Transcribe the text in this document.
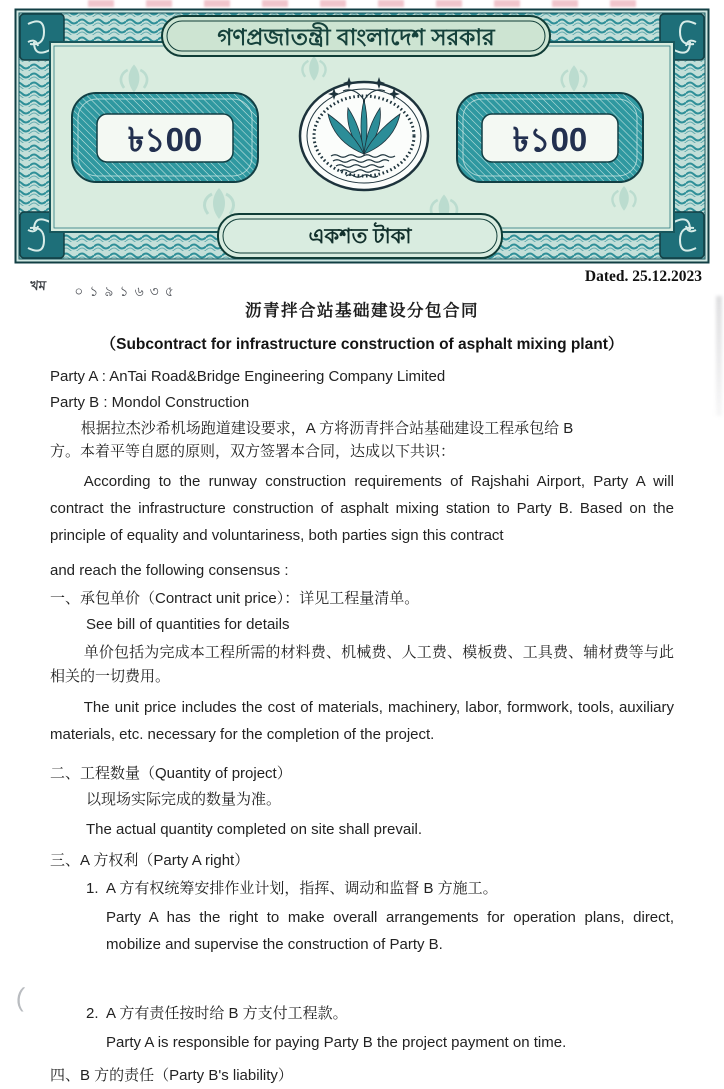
(
গণপ্রজাতন্ত্রী বাংলাদেশ সরকার
৳১00	৳১00
একশত টাকা
খম ০১৯১৬৩৫
Dated. 25.12.2023
沥青拌合站基础建设分包合同
（Subcontract for infrastructure construction of asphalt mixing plant）

Party A : AnTai Road&Bridge Engineering Company Limited

Party B : Mondol Construction

根据拉杰沙希机场跑道建设要求，A 方将沥青拌合站基础建设工程承包给 B
方。本着平等自愿的原则，双方签署本合同，达成以下共识：

According to the runway construction requirements of Rajshahi Airport, Party A will contract the infrastructure construction of asphalt mixing station to Party B. Based on the principle of equality and voluntariness, both parties sign this contract

and reach the following consensus :

一、承包单价（Contract unit price）：详见工程量清单。

See bill of quantities for details

单价包括为完成本工程所需的材料费、机械费、人工费、模板费、工具费、辅材费等与此相关的一切费用。

The unit price includes the cost of materials, machinery, labor, formwork, tools, auxiliary materials, etc. necessary for the completion of the project.

二、工程数量（Quantity of project）

以现场实际完成的数量为准。

The actual quantity completed on site shall prevail.

三、A 方权利（Party A right）

1. A 方有权统筹安排作业计划，指挥、调动和监督 B 方施工。

Party A has the right to make overall arrangements for operation plans, direct, mobilize and supervise the construction of Party B.

2. A 方有责任按时给 B 方支付工程款。

Party A is responsible for paying Party B the project payment on time.

四、B 方的责任（Party B's liability）
